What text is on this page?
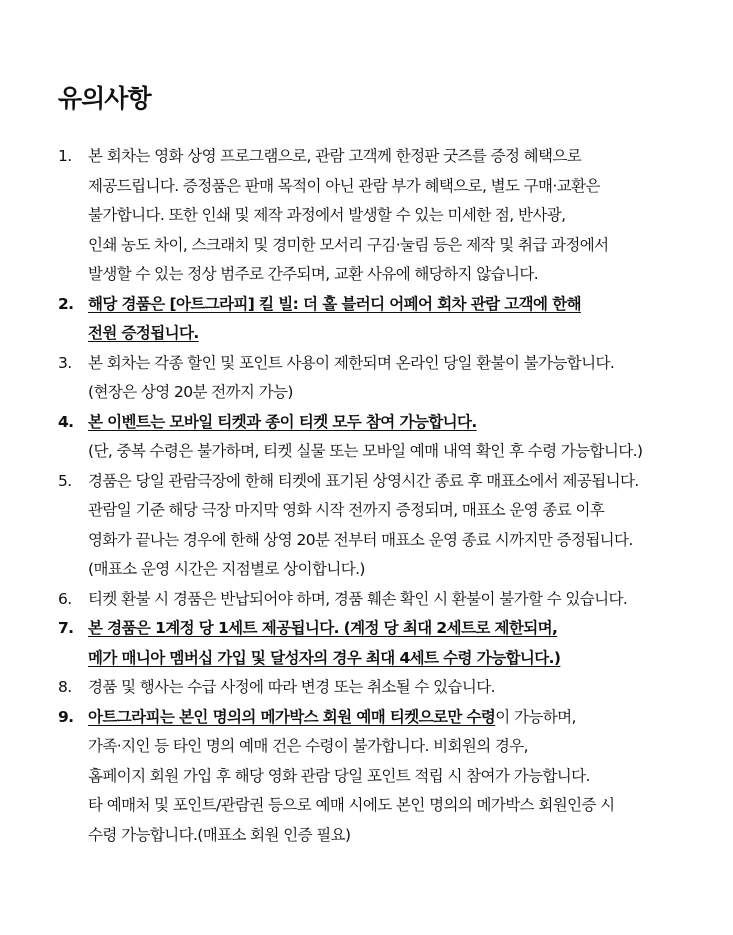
유의사항
1.	본 회차는 영화 상영 프로그램으로, 관람 고객께 한정판 굿즈를 증정 혜택으로
제공드립니다. 증정품은 판매 목적이 아닌 관람 부가 혜택으로, 별도 구매·교환은
불가합니다. 또한 인쇄 및 제작 과정에서 발생할 수 있는 미세한 점, 반사광,
인쇄 농도 차이, 스크래치 및 경미한 모서리 구김·눌림 등은 제작 및 취급 과정에서
발생할 수 있는 정상 범주로 간주되며, 교환 사유에 해당하지 않습니다.
2. 해당 경품은 [아트그라피] 킬 빌: 더 홀 블러디 어페어 회차 관람 고객에 한해
전원 증정됩니다.
3.	본 회차는 각종 할인 및 포인트 사용이 제한되며 온라인 당일 환불이 불가능합니다.
(현장은 상영 20분 전까지 가능)
4. 본 이벤트는 모바일 티켓과 종이 티켓 모두 참여 가능합니다.
(단, 중복 수령은 불가하며, 티켓 실물 또는 모바일 예매 내역 확인 후 수령 가능합니다.)
5.	경품은 당일 관람극장에 한해 티켓에 표기된 상영시간 종료 후 매표소에서 제공됩니다.
관람일 기준 해당 극장 마지막 영화 시작 전까지 증정되며, 매표소 운영 종료 이후
영화가 끝나는 경우에 한해 상영 20분 전부터 매표소 운영 종료 시까지만 증정됩니다.
(매표소 운영 시간은 지점별로 상이합니다.)
6.	티켓 환불 시 경품은 반납되어야 하며, 경품 훼손 확인 시 환불이 불가할 수 있습니다.
7. 본 경품은 1계정 당 1세트 제공됩니다. (계정 당 최대 2세트로 제한되며,
메가 매니아 멤버십 가입 및 달성자의 경우 최대 4세트 수령 가능합니다.)
8.	경품 및 행사는 수급 사정에 따라 변경 또는 취소될 수 있습니다.
9. 아트그라피는 본인 명의의 메가박스 회원 예매 티켓으로만 수령이 가능하며,
가족·지인 등 타인 명의 예매 건은 수령이 불가합니다. 비회원의 경우,
홈페이지 회원 가입 후 해당 영화 관람 당일 포인트 적립 시 참여가 가능합니다.
타 예매처 및 포인트/관람권 등으로 예매 시에도 본인 명의의 메가박스 회원인증 시
수령 가능합니다.(매표소 회원 인증 필요)
